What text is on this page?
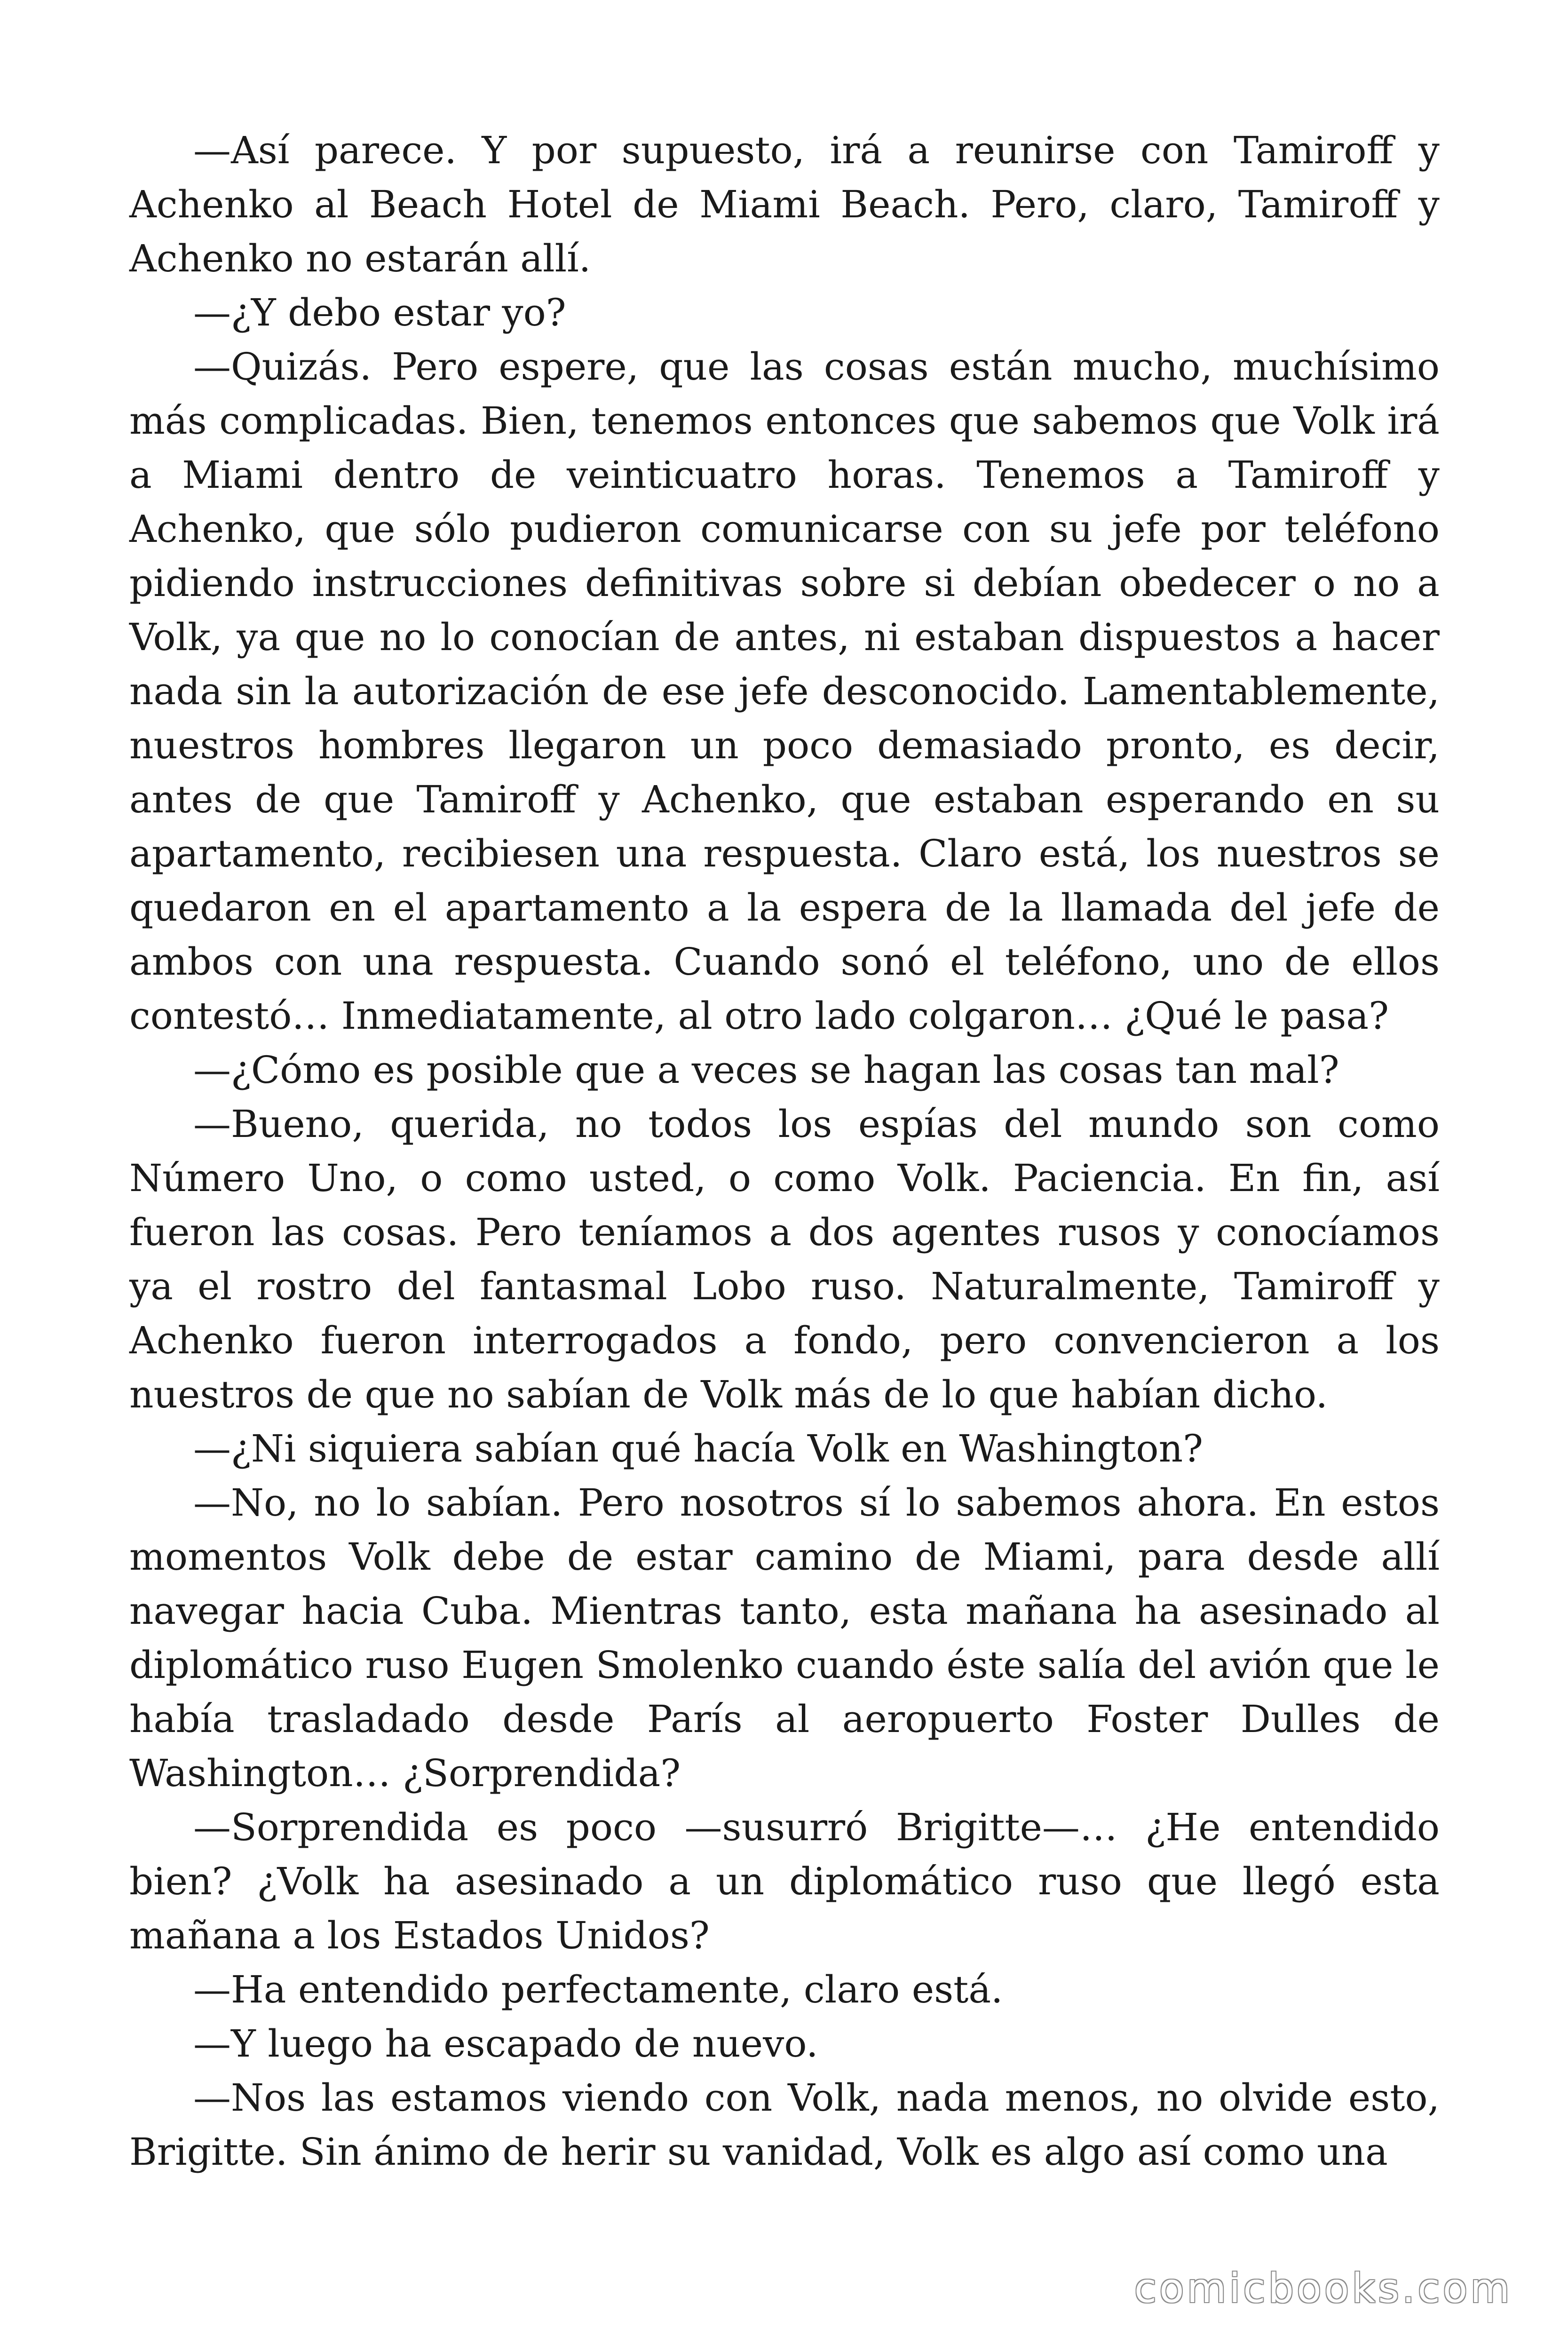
—Así parece. Y por supuesto, irá a reunirse con Tamiroff y Achenko al Beach Hotel de Miami Beach. Pero, claro, Tamiroff y Achenko no estarán allí.

—¿Y debo estar yo?

—Quizás. Pero espere, que las cosas están mucho, muchísimo más complicadas. Bien, tenemos entonces que sabemos que Volk irá a Miami dentro de veinticuatro horas. Tenemos a Tamiroff y Achenko, que sólo pudieron comunicarse con su jefe por teléfono pidiendo instrucciones definitivas sobre si debían obedecer o no a Volk, ya que no lo conocían de antes, ni estaban dispuestos a hacer nada sin la autorización de ese jefe desconocido. Lamentablemente, nuestros hombres llegaron un poco demasiado pronto, es decir, antes de que Tamiroff y Achenko, que estaban esperando en su apartamento, recibiesen una respuesta. Claro está, los nuestros se quedaron en el apartamento a la espera de la llamada del jefe de ambos con una respuesta. Cuando sonó el teléfono, uno de ellos contestó… Inmediatamente, al otro lado colgaron… ¿Qué le pasa?

—¿Cómo es posible que a veces se hagan las cosas tan mal?

—Bueno, querida, no todos los espías del mundo son como Número Uno, o como usted, o como Volk. Paciencia. En fin, así fueron las cosas. Pero teníamos a dos agentes rusos y conocíamos ya el rostro del fantasmal Lobo ruso. Naturalmente, Tamiroff y Achenko fueron interrogados a fondo, pero convencieron a los nuestros de que no sabían de Volk más de lo que habían dicho.

—¿Ni siquiera sabían qué hacía Volk en Washington?

—No, no lo sabían. Pero nosotros sí lo sabemos ahora. En estos momentos Volk debe de estar camino de Miami, para desde allí navegar hacia Cuba. Mientras tanto, esta mañana ha asesinado al diplomático ruso Eugen Smolenko cuando éste salía del avión que le había trasladado desde París al aeropuerto Foster Dulles de Washington… ¿Sorprendida?

—Sorprendida es poco —susurró Brigitte—… ¿He entendido bien? ¿Volk ha asesinado a un diplomático ruso que llegó esta mañana a los Estados Unidos?

—Ha entendido perfectamente, claro está.

—Y luego ha escapado de nuevo.

—Nos las estamos viendo con Volk, nada menos, no olvide esto, Brigitte. Sin ánimo de herir su vanidad, Volk es algo así como una

comicbooks.com
